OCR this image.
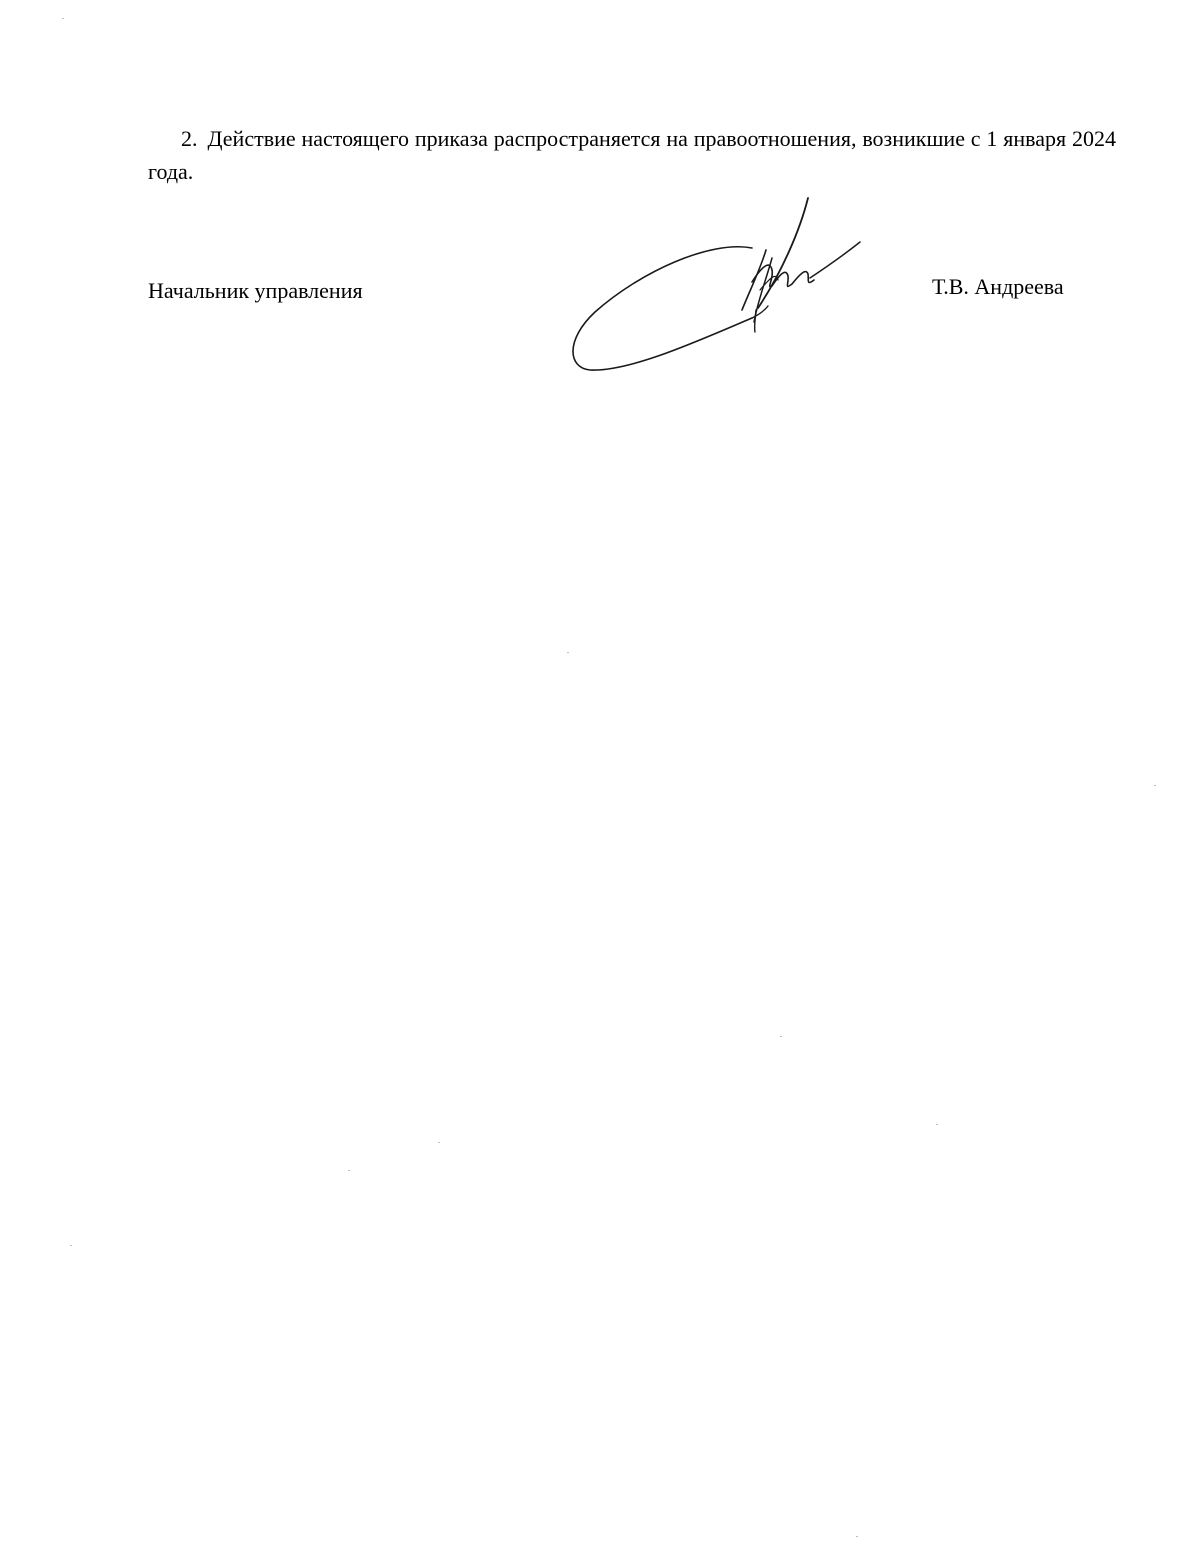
2. Действие настоящего приказа распространяется на правоотношения, возникшие с 1 января 2024 года.

Начальник управления	Т.В. Андреева
